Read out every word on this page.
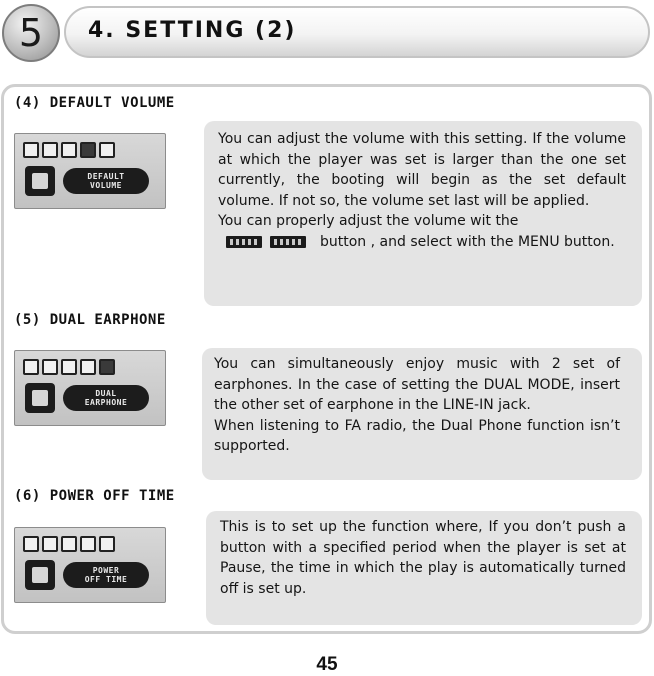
5	4. SETTING (2)
(4) DEFAULT VOLUME
DEFAULT
VOLUME

You can adjust the volume with this setting. If the volume at which the player was set is larger than the one set currently, the booting will begin as the set default volume. If not so, the volume set last will be applied.

You can properly adjust the volume wit the

button , and select with the MENU button.

(5) DUAL EARPHONE
DUAL
EARPHONE

You can simultaneously enjoy music with 2 set of earphones. In the case of setting the DUAL MODE, insert the other set of earphone in the LINE-IN jack.

When listening to FA radio, the Dual Phone function isn’t supported.

(6) POWER OFF TIME
POWER
OFF TIME

This is to set up the function where, If you don’t push a button with a specified period when the player is set at Pause, the time in which the play is automatically turned off is set up.

45
